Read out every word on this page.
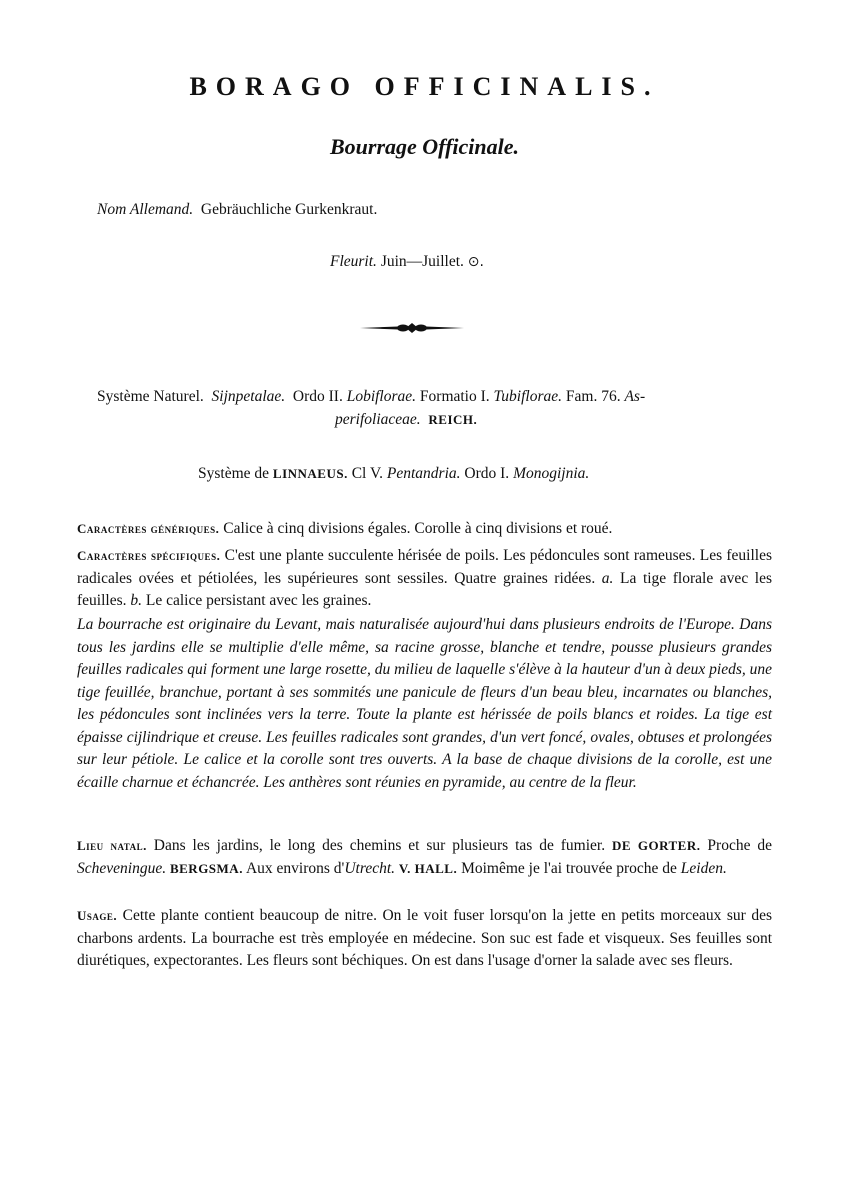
BORAGO OFFICINALIS.
Bourrage Officinale.
Nom Allemand. Gebräuchliche Gurkenkraut.
Fleurit. Juin—Juillet. ⊙.
Système Naturel. Sijnpetalae. Ordo II. Lobiflorae. Formatio I. Tubiflorae. Fam. 76. As-
perifoliaceae. REICH.
Système de LINNAEUS. Cl V. Pentandria. Ordo I. Monogijnia.
Caractères génériques. Calice à cinq divisions égales. Corolle à cinq divisions et roué.
Caractères spécifiques. C'est une plante succulente hérisée de poils. Les pédoncules sont rameuses. Les feuilles radicales ovées et pétiolées, les supérieures sont sessiles. Quatre graines ridées. a. La tige florale avec les feuilles. b. Le calice persistant avec les graines.
La bourrache est originaire du Levant, mais naturalisée aujourd'hui dans plusieurs endroits de l'Europe. Dans tous les jardins elle se multiplie d'elle même, sa racine grosse, blanche et tendre, pousse plusieurs grandes feuilles radicales qui forment une large rosette, du milieu de laquelle s'élève à la hauteur d'un à deux pieds, une tige feuillée, branchue, portant à ses sommités une panicule de fleurs d'un beau bleu, incarnates ou blanches, les pédoncules sont inclinées vers la terre. Toute la plante est hérissée de poils blancs et roides. La tige est épaisse cijlindrique et creuse. Les feuilles radicales sont grandes, d'un vert foncé, ovales, obtuses et prolongées sur leur pétiole. Le calice et la corolle sont tres ouverts. A la base de chaque divisions de la corolle, est une écaille charnue et échancrée. Les anthères sont réunies en pyramide, au centre de la fleur.
Lieu natal. Dans les jardins, le long des chemins et sur plusieurs tas de fumier. DE GORTER. Proche de Scheveningue. BERGSMA. Aux environs d'Utrecht. V. HALL. Moimême je l'ai trouvée proche de Leiden.
Usage. Cette plante contient beaucoup de nitre. On le voit fuser lorsqu'on la jette en petits morceaux sur des charbons ardents. La bourrache est très employée en médecine. Son suc est fade et visqueux. Ses feuilles sont diurétiques, expectorantes. Les fleurs sont béchiques. On est dans l'usage d'orner la salade avec ses fleurs.
